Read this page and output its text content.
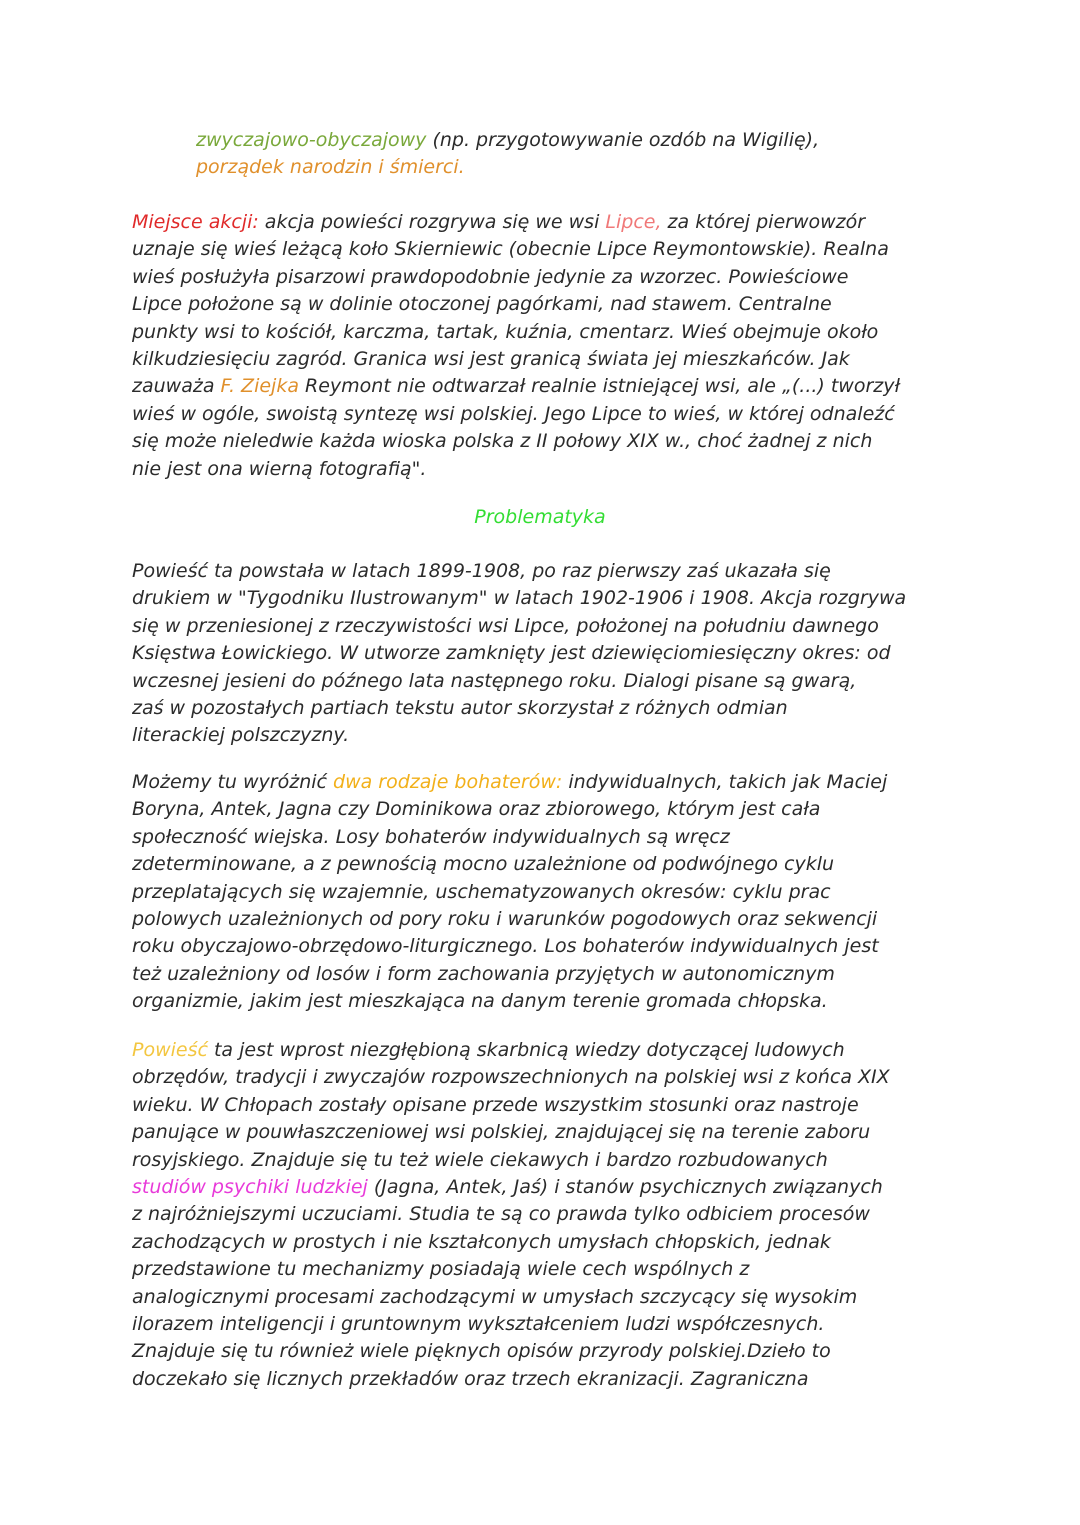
zwyczajowo-obyczajowy (np. przygotowywanie ozdób na Wigilię),
porządek narodzin i śmierci.
Miejsce akcji: akcja powieści rozgrywa się we wsi Lipce, za której pierwowzór
uznaje się wieś leżącą koło Skierniewic (obecnie Lipce Reymontowskie). Realna
wieś posłużyła pisarzowi prawdopodobnie jedynie za wzorzec. Powieściowe
Lipce położone są w dolinie otoczonej pagórkami, nad stawem. Centralne
punkty wsi to kościół, karczma, tartak, kuźnia, cmentarz. Wieś obejmuje około
kilkudziesięciu zagród. Granica wsi jest granicą świata jej mieszkańców. Jak
zauważa F. Ziejka Reymont nie odtwarzał realnie istniejącej wsi, ale „(...) tworzył
wieś w ogóle, swoistą syntezę wsi polskiej. Jego Lipce to wieś, w której odnaleźć
się może nieledwie każda wioska polska z II połowy XIX w., choć żadnej z nich
nie jest ona wierną fotografią".
Problematyka
Powieść ta powstała w latach 1899-1908, po raz pierwszy zaś ukazała się
drukiem w "Tygodniku Ilustrowanym" w latach 1902-1906 i 1908. Akcja rozgrywa
się w przeniesionej z rzeczywistości wsi Lipce, położonej na południu dawnego
Księstwa Łowickiego. W utworze zamknięty jest dziewięciomiesięczny okres: od
wczesnej jesieni do późnego lata następnego roku. Dialogi pisane są gwarą,
zaś w pozostałych partiach tekstu autor skorzystał z różnych odmian
literackiej polszczyzny.
Możemy tu wyróżnić dwa rodzaje bohaterów: indywidualnych, takich jak Maciej
Boryna, Antek, Jagna czy Dominikowa oraz zbiorowego, którym jest cała
społeczność wiejska. Losy bohaterów indywidualnych są wręcz
zdeterminowane, a z pewnością mocno uzależnione od podwójnego cyklu
przeplatających się wzajemnie, uschematyzowanych okresów: cyklu prac
polowych uzależnionych od pory roku i warunków pogodowych oraz sekwencji
roku obyczajowo-obrzędowo-liturgicznego. Los bohaterów indywidualnych jest
też uzależniony od losów i form zachowania przyjętych w autonomicznym
organizmie, jakim jest mieszkająca na danym terenie gromada chłopska.
Powieść ta jest wprost niezgłębioną skarbnicą wiedzy dotyczącej ludowych
obrzędów, tradycji i zwyczajów rozpowszechnionych na polskiej wsi z końca XIX
wieku. W Chłopach zostały opisane przede wszystkim stosunki oraz nastroje
panujące w pouwłaszczeniowej wsi polskiej, znajdującej się na terenie zaboru
rosyjskiego. Znajduje się tu też wiele ciekawych i bardzo rozbudowanych
studiów psychiki ludzkiej (Jagna, Antek, Jaś) i stanów psychicznych związanych
z najróżniejszymi uczuciami. Studia te są co prawda tylko odbiciem procesów
zachodzących w prostych i nie kształconych umysłach chłopskich, jednak
przedstawione tu mechanizmy posiadają wiele cech wspólnych z
analogicznymi procesami zachodzącymi w umysłach szczycący się wysokim
ilorazem inteligencji i gruntownym wykształceniem ludzi współczesnych.
Znajduje się tu również wiele pięknych opisów przyrody polskiej.Dzieło to
doczekało się licznych przekładów oraz trzech ekranizacji. Zagraniczna
